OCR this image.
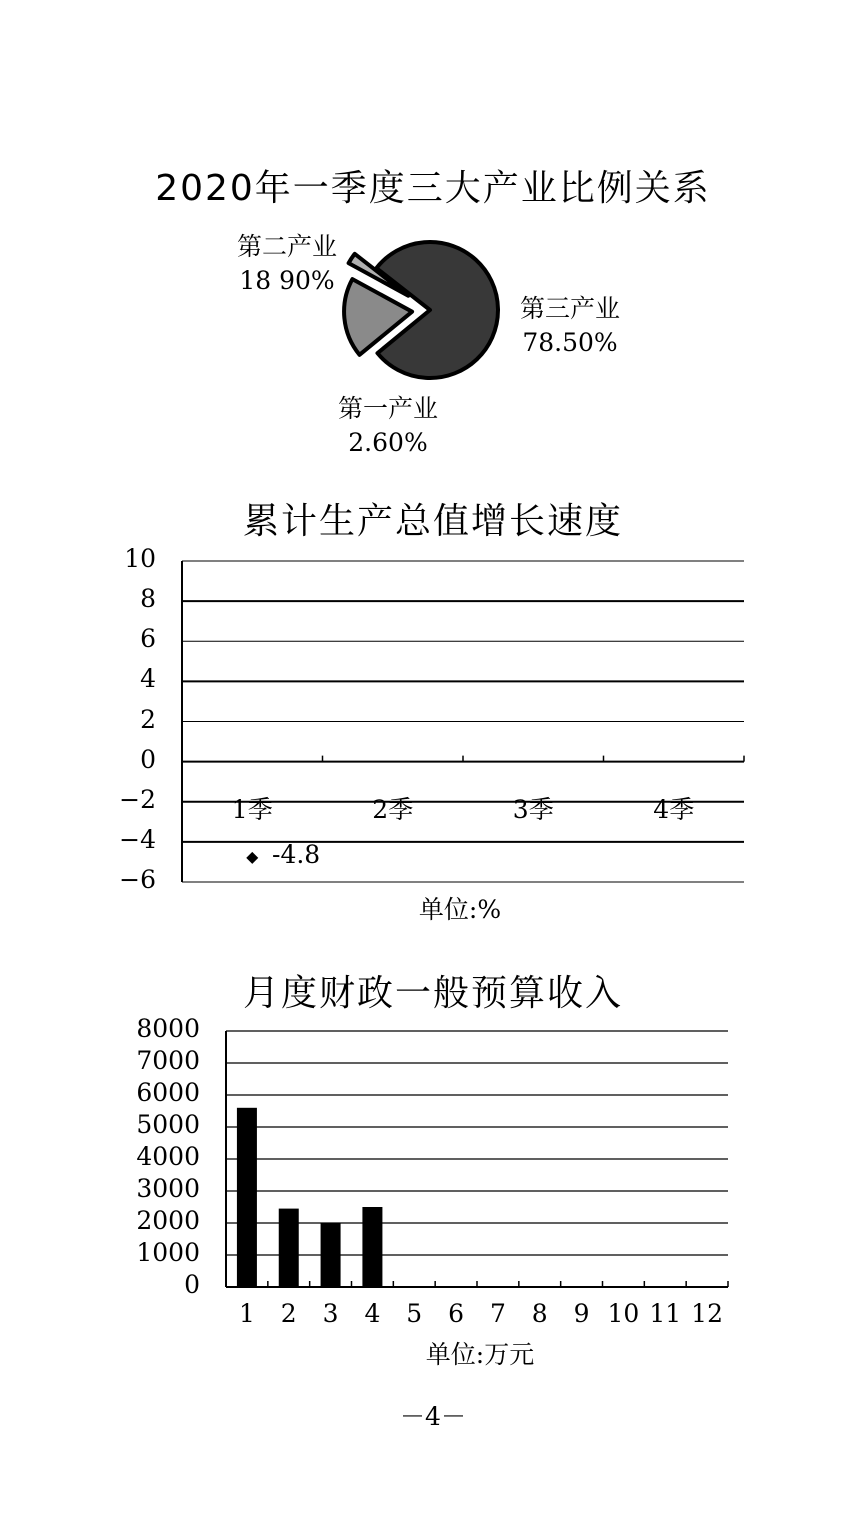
2020年一季度三大产业比例关系
第二产业
18 90%
第三产业
78.50%
第一产业
2.60%
累计生产总值增长速度
10
8
6
4
2
0
−2
−4
−6
1季	2季	3季	4季
-4.8
单位:%
月度财政一般预算收入
8000
7000
6000
5000
4000
3000
2000
1000
0
1	2	3	4	5	6	7	8	9 10 11 12
单位:万元
－4－
